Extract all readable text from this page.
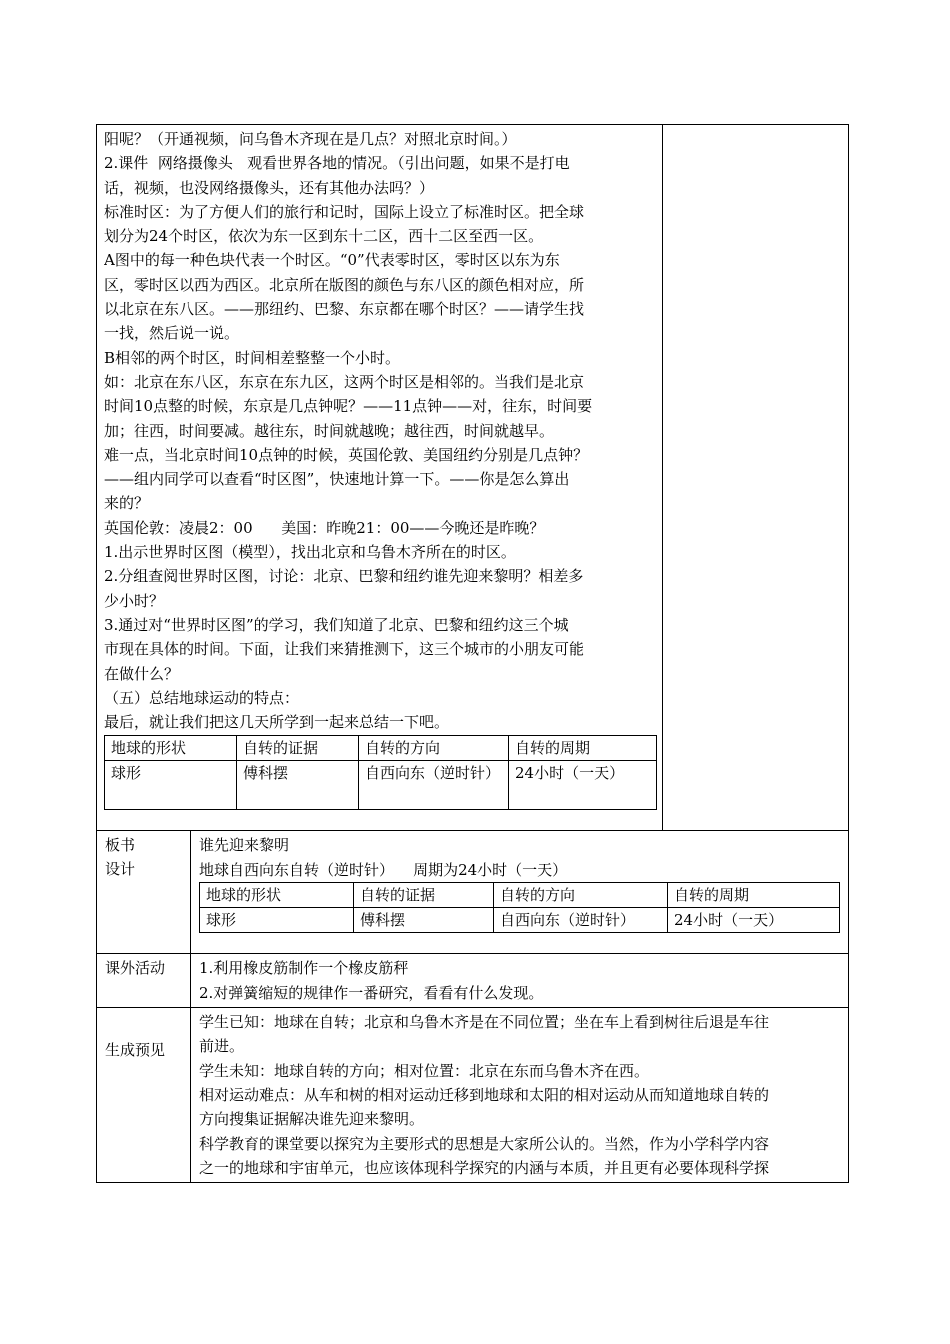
阳呢？（开通视频，问乌鲁木齐现在是几点？对照北京时间。）
2.课件  网络摄像头   观看世界各地的情况。（引出问题，如果不是打电
话，视频，也没网络摄像头，还有其他办法吗？）
标准时区：为了方便人们的旅行和记时，国际上设立了标准时区。把全球
划分为24个时区，依次为东一区到东十二区，西十二区至西一区。
A图中的每一种色块代表一个时区。“0”代表零时区，零时区以东为东
区，零时区以西为西区。北京所在版图的颜色与东八区的颜色相对应，所
以北京在东八区。——那纽约、巴黎、东京都在哪个时区？——请学生找
一找，然后说一说。
B相邻的两个时区，时间相差整整一个小时。
如：北京在东八区，东京在东九区，这两个时区是相邻的。当我们是北京
时间10点整的时候，东京是几点钟呢？——11点钟——对，往东，时间要
加；往西，时间要减。越往东，时间就越晚；越往西，时间就越早。
难一点，当北京时间10点钟的时候，英国伦敦、美国纽约分别是几点钟？
——组内同学可以查看“时区图”，快速地计算一下。——你是怎么算出
来的？
英国伦敦：凌晨2：00      美国：昨晚21：00——今晚还是昨晚？
1.出示世界时区图（模型），找出北京和乌鲁木齐所在的时区。
2.分组查阅世界时区图，讨论：北京、巴黎和纽约谁先迎来黎明？相差多
少小时？
3.通过对“世界时区图”的学习，我们知道了北京、巴黎和纽约这三个城
市现在具体的时间。下面，让我们来猜推测下，这三个城市的小朋友可能
在做什么？
（五）总结地球运动的特点：
最后，就让我们把这几天所学到一起来总结一下吧。
地球的形状	自转的证据	自转的方向	自转的周期
球形	傅科摆	自西向东（逆时针）	24小时（一天）

板书
设计

谁先迎来黎明
地球自西向东自转（逆时针）    周期为24小时（一天）
地球的形状	自转的证据	自转的方向	自转的周期
球形	傅科摆	自西向东（逆时针）	24小时（一天）

课外活动	1.利用橡皮筋制作一个橡皮筋秤
2.对弹簧缩短的规律作一番研究，看看有什么发现。

生成预见

学生已知：地球在自转；北京和乌鲁木齐是在不同位置；坐在车上看到树往后退是车往
前进。
学生未知：地球自转的方向；相对位置：北京在东而乌鲁木齐在西。
相对运动难点：从车和树的相对运动迁移到地球和太阳的相对运动从而知道地球自转的
方向搜集证据解决谁先迎来黎明。
科学教育的课堂要以探究为主要形式的思想是大家所公认的。当然，作为小学科学内容
之一的地球和宇宙单元，也应该体现科学探究的内涵与本质，并且更有必要体现科学探
